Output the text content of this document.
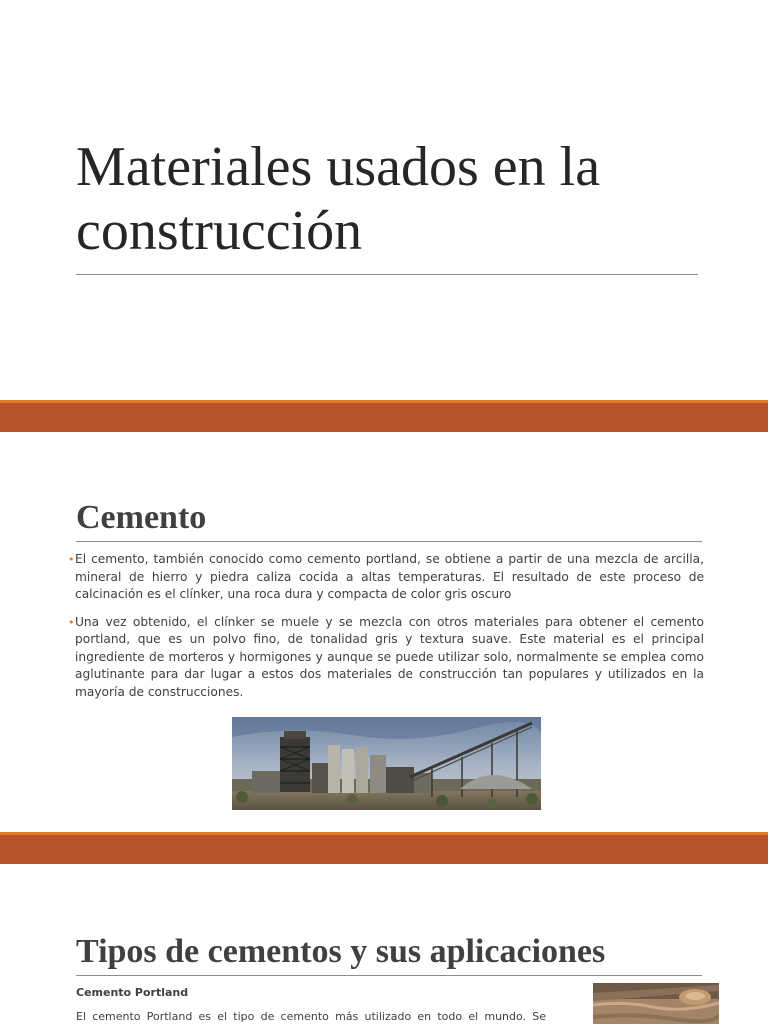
Materiales usados en la
construcción
Cemento
• El cemento, también conocido como cemento portland, se obtiene a partir de una mezcla de arcilla, mineral de hierro y piedra caliza cocida a altas temperaturas. El resultado de este proceso de calcinación es el clínker, una roca dura y compacta de color gris oscuro
• Una vez obtenido, el clínker se muele y se mezcla con otros materiales para obtener el cemento portland, que es un polvo fino, de tonalidad gris y textura suave. Este material es el principal ingrediente de morteros y hormigones y aunque se puede utilizar solo, normalmente se emplea como aglutinante para dar lugar a estos dos materiales de construcción tan populares y utilizados en la mayoría de construcciones.
Tipos de cementos y sus aplicaciones

Cemento Portland

El cemento Portland es el tipo de cemento más utilizado en todo el mundo. Se
